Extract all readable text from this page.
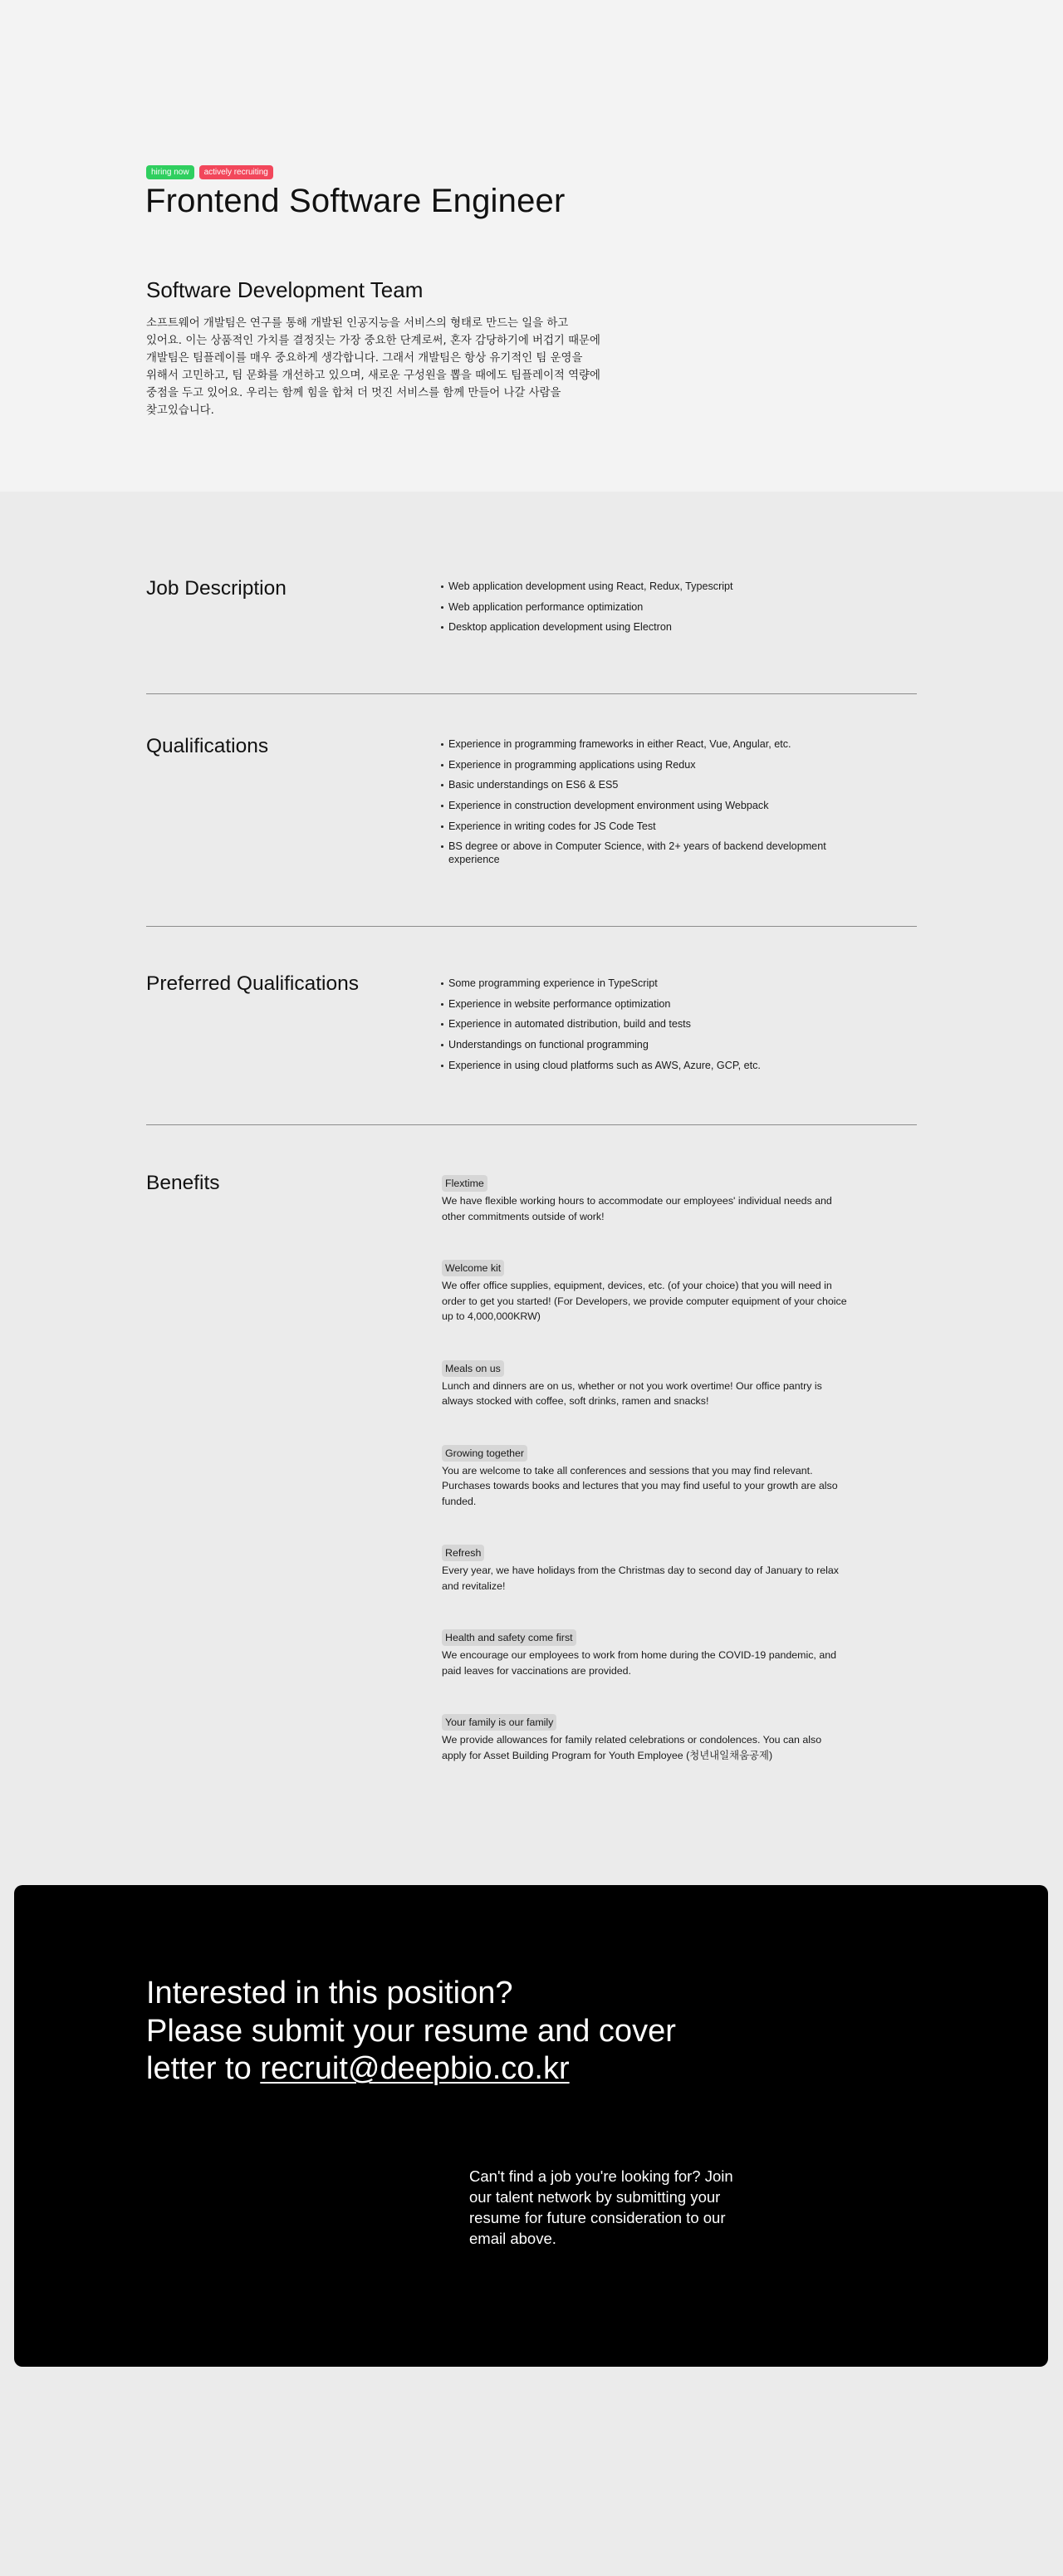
hiring now	actively recruiting
Frontend Software Engineer
Software Development Team

소프트웨어 개발팀은 연구를 통해 개발된 인공지능을 서비스의 형태로 만드는 일을 하고 있어요. 이는 상품적인 가치를 결정짓는 가장 중요한 단계로써, 혼자 감당하기에 버겁기 때문에 개발팀은 팀플레이를 매우 중요하게 생각합니다. 그래서 개발팀은 항상 유기적인 팀 운영을 위해서 고민하고, 팀 문화를 개선하고 있으며, 새로운 구성원을 뽑을 때에도 팀플레이적 역량에 중점을 두고 있어요. 우리는 함께 힘을 합쳐 더 멋진 서비스를 함께 만들어 나갈 사람을 찾고있습니다.

Job Description	Web application development using React, Redux, Typescript
Web application performance optimization
Desktop application development using Electron
Qualifications	Experience in programming frameworks in either React, Vue, Angular, etc.
Experience in programming applications using Redux
Basic understandings on ES6 & ES5
Experience in construction development environment using Webpack
Experience in writing codes for JS Code Test
BS degree or above in Computer Science, with 2+ years of backend development experience
Preferred Qualifications	Some programming experience in TypeScript
Experience in website performance optimization
Experience in automated distribution, build and tests
Understandings on functional programming
Experience in using cloud platforms such as AWS, Azure, GCP, etc.
Benefits	Flextime

We have flexible working hours to accommodate our employees' individual needs and other commitments outside of work!

Welcome kit

We offer office supplies, equipment, devices, etc. (of your choice) that you will need in order to get you started! (For Developers, we provide computer equipment of your choice up to 4,000,000KRW)

Meals on us

Lunch and dinners are on us, whether or not you work overtime! Our office pantry is always stocked with coffee, soft drinks, ramen and snacks!

Growing together

You are welcome to take all conferences and sessions that you may find relevant. Purchases towards books and lectures that you may find useful to your growth are also funded.

Refresh

Every year, we have holidays from the Christmas day to second day of January to relax and revitalize!

Health and safety come first

We encourage our employees to work from home during the COVID-19 pandemic, and paid leaves for vaccinations are provided.

Your family is our family

We provide allowances for family related celebrations or condolences. You can also apply for Asset Building Program for Youth Employee (청년내일채움공제)

Interested in this position?
Please submit your resume and cover
letter to recruit@deepbio.co.kr

Can't find a job you're looking for? Join our talent network by submitting your resume for future consideration to our email above.
